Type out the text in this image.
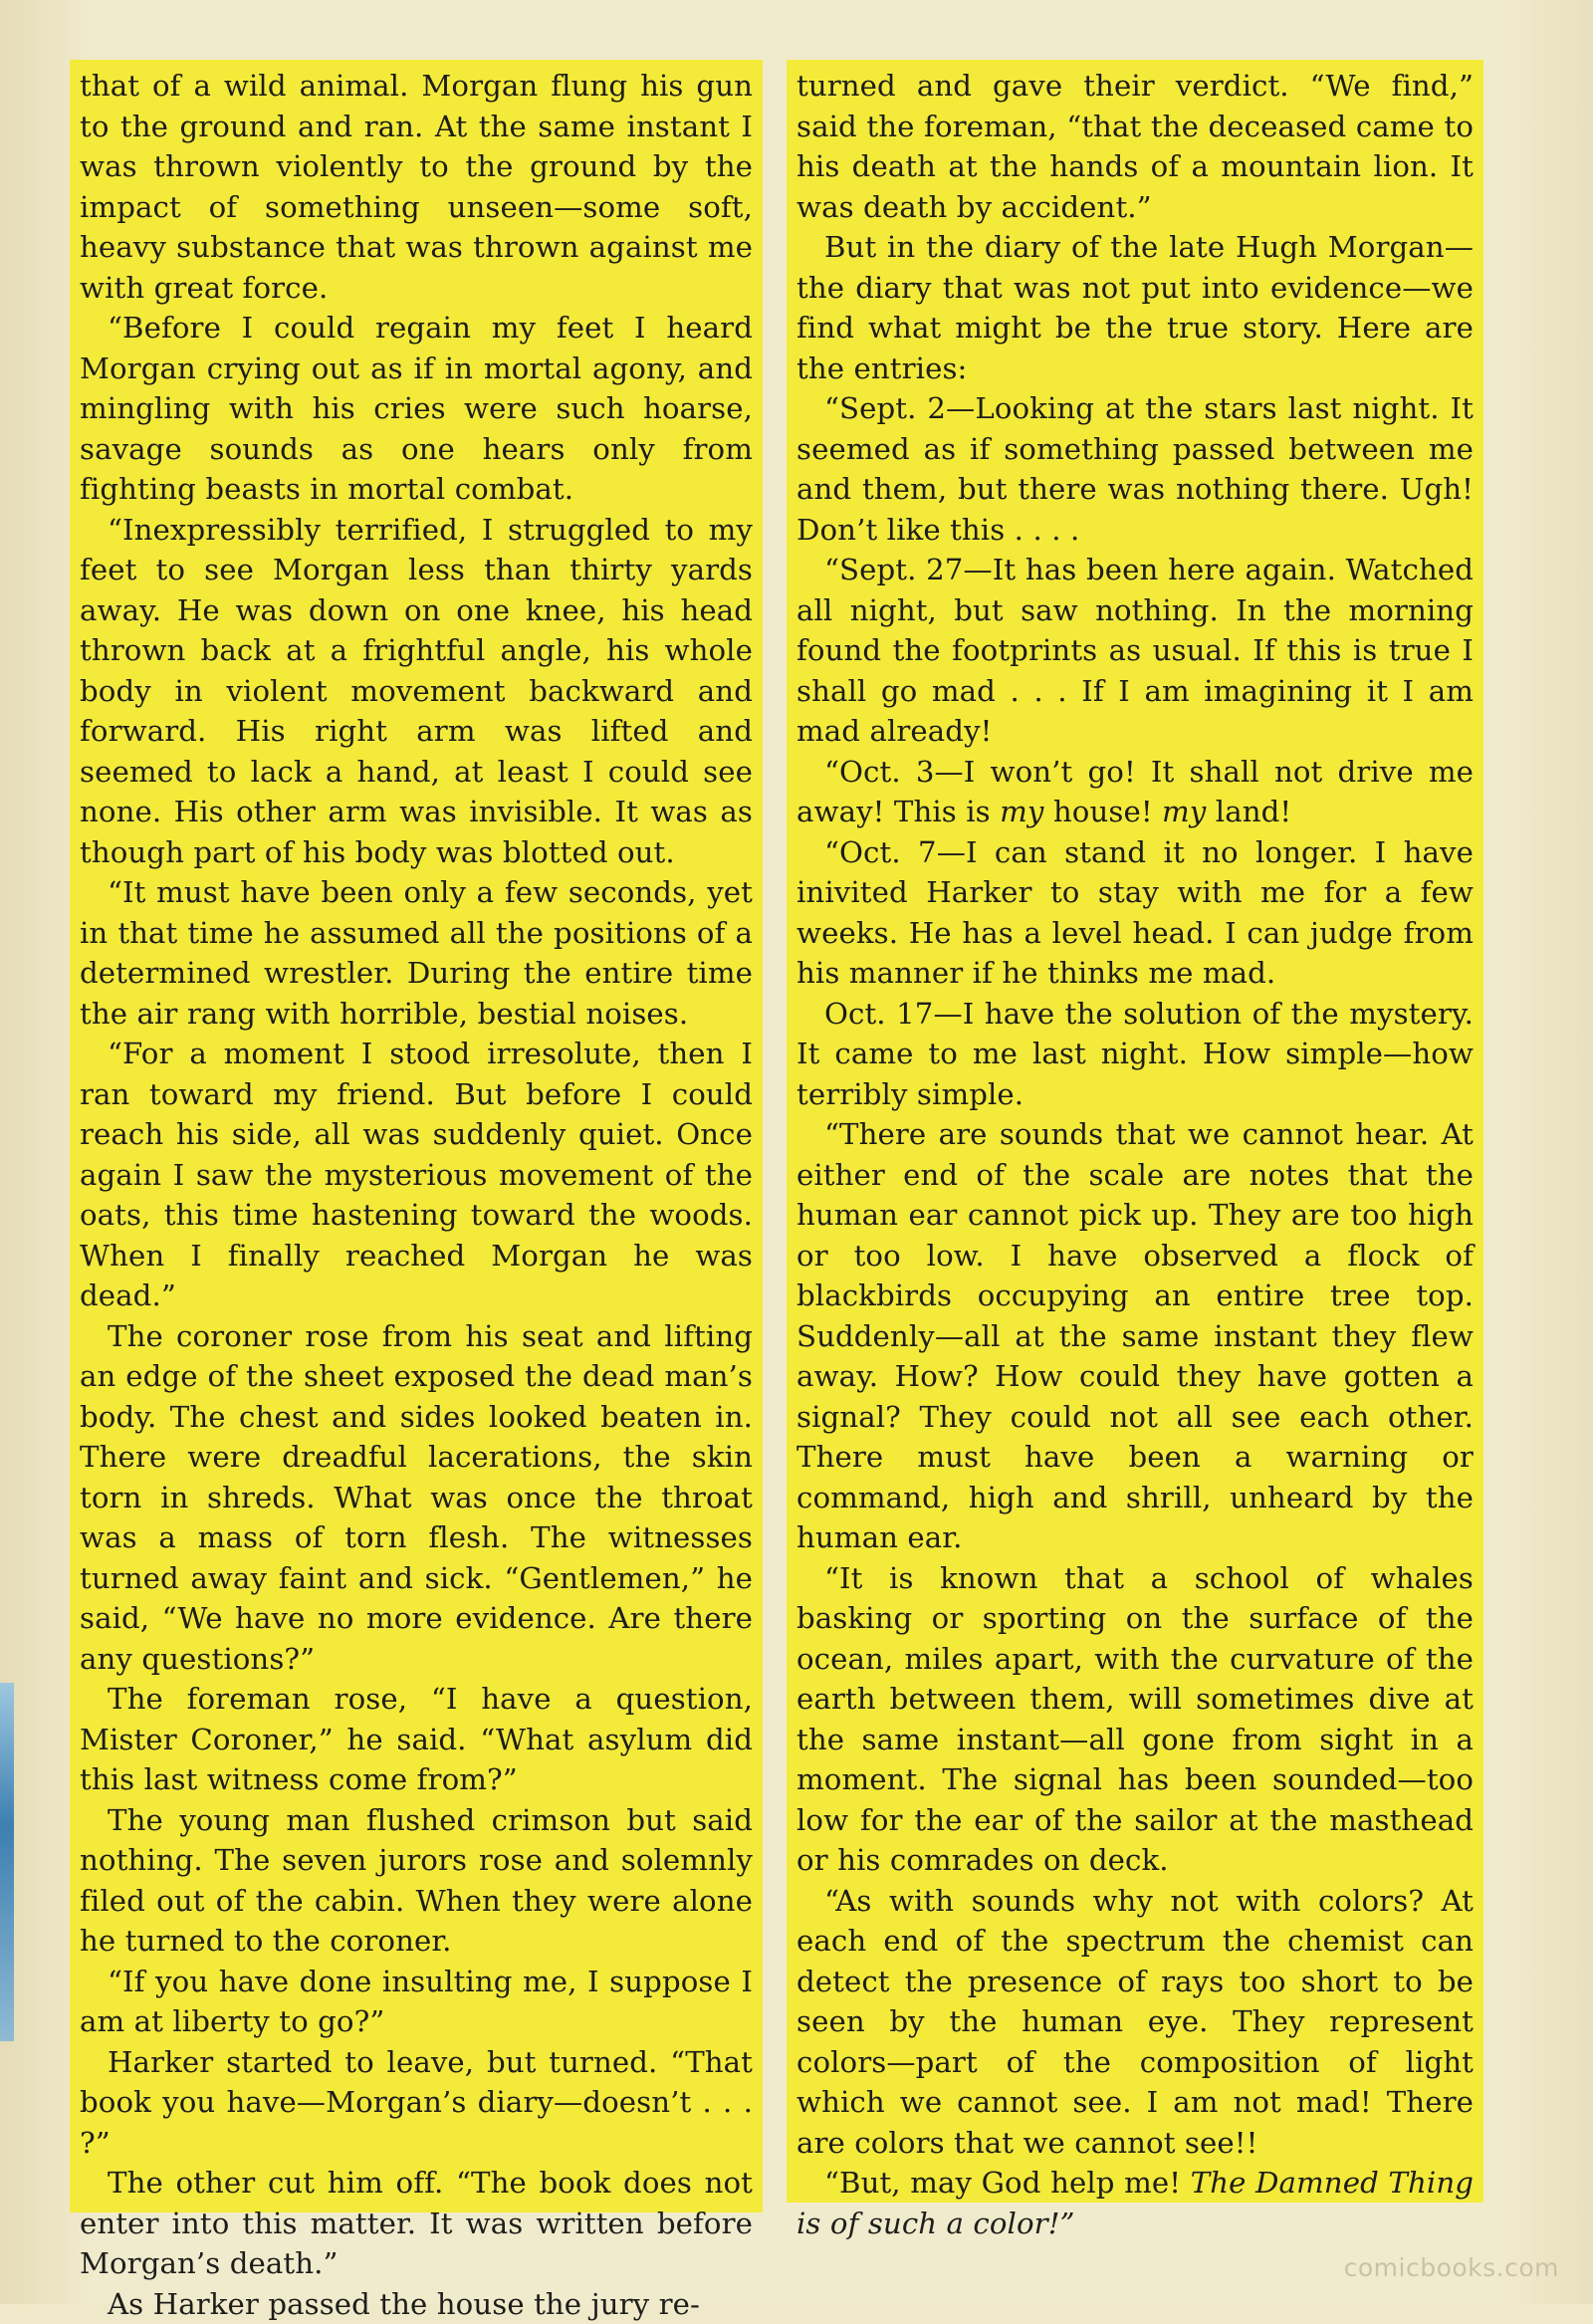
that of a wild animal. Morgan flung his gun to the ground and ran. At the same instant I was thrown violently to the ground by the impact of something unseen—some soft, heavy substance that was thrown against me with great force.

“Before I could regain my feet I heard Morgan crying out as if in mortal agony, and mingling with his cries were such hoarse, savage sounds as one hears only from fighting beasts in mortal combat.

“Inexpressibly terrified, I struggled to my feet to see Morgan less than thirty yards away. He was down on one knee, his head thrown back at a frightful angle, his whole body in violent movement backward and forward. His right arm was lifted and seemed to lack a hand, at least I could see none. His other arm was invisible. It was as though part of his body was blotted out.

“It must have been only a few seconds, yet in that time he assumed all the positions of a determined wrestler. During the entire time the air rang with horrible, bestial noises.

“For a moment I stood irresolute, then I ran toward my friend. But before I could reach his side, all was suddenly quiet. Once again I saw the mysterious movement of the oats, this time hastening toward the woods. When I finally reached Morgan he was dead.”

The coroner rose from his seat and lifting an edge of the sheet exposed the dead man’s body. The chest and sides looked beaten in. There were dreadful lacerations, the skin torn in shreds. What was once the throat was a mass of torn flesh. The witnesses turned away faint and sick. “Gentlemen,” he said, “We have no more evidence. Are there any questions?”

The foreman rose, “I have a question, Mister Coroner,” he said. “What asylum did this last witness come from?”

The young man flushed crimson but said nothing. The seven jurors rose and solemnly filed out of the cabin. When they were alone he turned to the coroner.

“If you have done insulting me, I suppose I am at liberty to go?”

Harker started to leave, but turned. “That book you have—Morgan’s diary—doesn’t . . . ?”

The other cut him off. “The book does not enter into this matter. It was written before Morgan’s death.”

As Harker passed the house the jury re-

turned and gave their verdict. “We find,” said the foreman, “that the deceased came to his death at the hands of a mountain lion. It was death by accident.”

But in the diary of the late Hugh Morgan—the diary that was not put into evidence—we find what might be the true story. Here are the entries:

“Sept. 2—Looking at the stars last night. It seemed as if something passed between me and them, but there was nothing there. Ugh! Don’t like this . . . .

“Sept. 27—It has been here again. Watched all night, but saw nothing. In the morning found the footprints as usual. If this is true I shall go mad . . . If I am imagining it I am mad already!

“Oct. 3—I won’t go! It shall not drive me away! This is my house! my land!

“Oct. 7—I can stand it no longer. I have inivited Harker to stay with me for a few weeks. He has a level head. I can judge from his manner if he thinks me mad.

Oct. 17—I have the solution of the mystery. It came to me last night. How simple—how terribly simple.

“There are sounds that we cannot hear. At either end of the scale are notes that the human ear cannot pick up. They are too high or too low. I have observed a flock of blackbirds occupying an entire tree top. Suddenly—all at the same instant they flew away. How? How could they have gotten a signal? They could not all see each other. There must have been a warning or command, high and shrill, unheard by the human ear.

“It is known that a school of whales basking or sporting on the surface of the ocean, miles apart, with the curvature of the earth between them, will sometimes dive at the same instant—all gone from sight in a moment. The signal has been sounded—too low for the ear of the sailor at the masthead or his comrades on deck.

“As with sounds why not with colors? At each end of the spectrum the chemist can detect the presence of rays too short to be seen by the human eye. They represent colors—part of the composition of light which we cannot see. I am not mad! There are colors that we cannot see!!

“But, may God help me! The Damned Thing is of such a color!”

comicbooks.com
